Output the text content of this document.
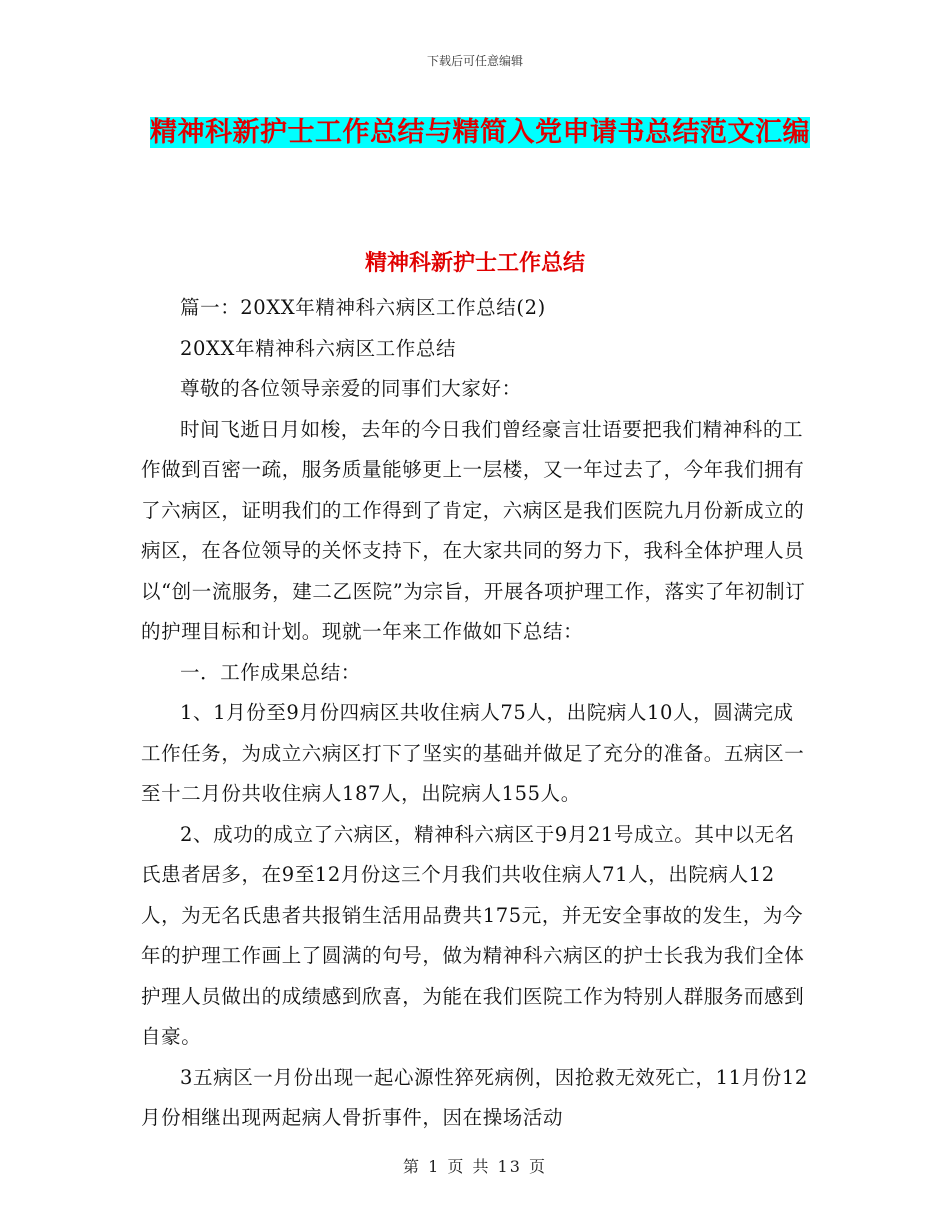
下载后可任意编辑
精神科新护士工作总结与精简入党申请书总结范文汇编
精神科新护士工作总结

篇一：20XX年精神科六病区工作总结(2)

20XX年精神科六病区工作总结

尊敬的各位领导亲爱的同事们大家好：

时间飞逝日月如梭，去年的今日我们曾经豪言壮语要把我们精神科的工作做到百密一疏，服务质量能够更上一层楼，又一年过去了，今年我们拥有了六病区，证明我们的工作得到了肯定，六病区是我们医院九月份新成立的病区，在各位领导的关怀支持下，在大家共同的努力下，我科全体护理人员以“创一流服务，建二乙医院”为宗旨，开展各项护理工作，落实了年初制订的护理目标和计划。现就一年来工作做如下总结：

一．工作成果总结：

1、1月份至9月份四病区共收住病人75人，出院病人10人，圆满完成工作任务，为成立六病区打下了坚实的基础并做足了充分的准备。五病区一至十二月份共收住病人187人，出院病人155人。

2、成功的成立了六病区，精神科六病区于9月21号成立。其中以无名氏患者居多，在9至12月份这三个月我们共收住病人71人，出院病人12人，为无名氏患者共报销生活用品费共175元，并无安全事故的发生，为今年的护理工作画上了圆满的句号，做为精神科六病区的护士长我为我们全体护理人员做出的成绩感到欣喜，为能在我们医院工作为特别人群服务而感到自豪。

3五病区一月份出现一起心源性猝死病例，因抢救无效死亡，11月份12月份相继出现两起病人骨折事件，因在操场活动

第 1 页 共 13 页
